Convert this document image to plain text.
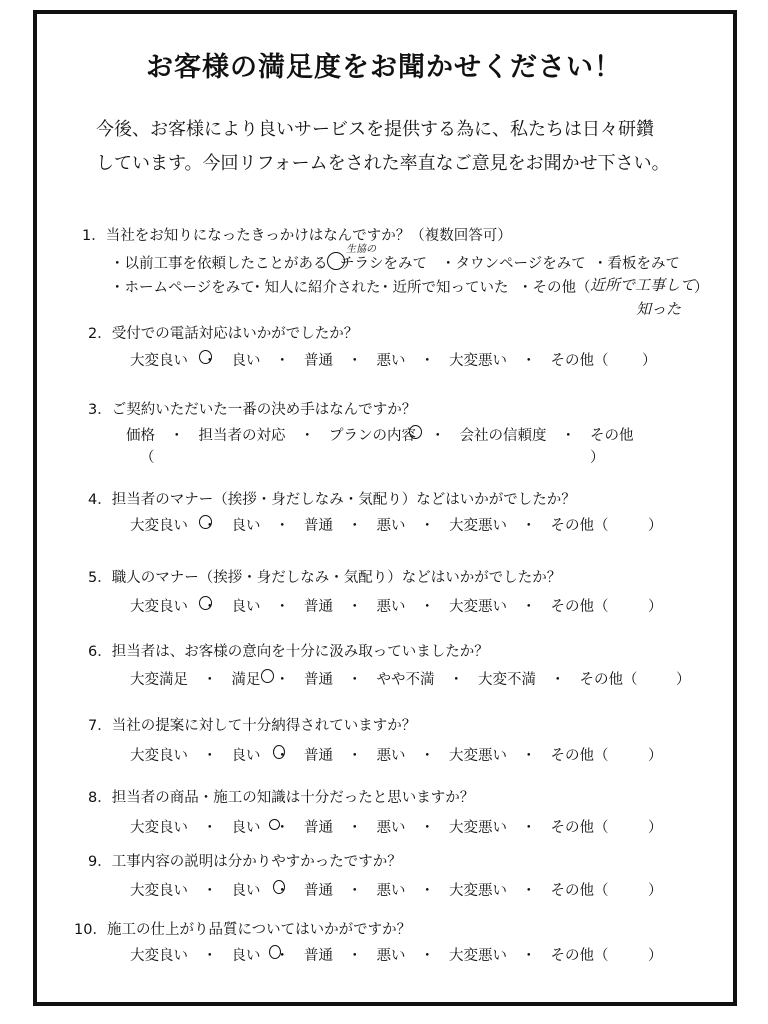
お客様の満足度をお聞かせください！
今後、お客様により良いサービスを提供する為に、私たちは日々研鑽
しています。今回リフォームをされた率直なご意見をお聞かせ下さい。
1．当社をお知りになったきっかけはなんですか？（複数回答可）
・以前工事を依頼したことがある チラシをみて
生協の
・タウンページをみて ・看板をみて
・ホームページをみて
・知人に紹介された
・近所で知っていた ・その他（ 近所で工事して
）
知った
2．受付での電話対応はいかがでしたか？
大変良い　・　良い　・　普通　・　悪い　・　大変悪い　・　その他（ ）
3．ご契約いただいた一番の決め手はなんですか？
価格　・　担当者の対応　・　プランの内容　・　会社の信頼度　・　その他
（	）
4．担当者のマナー（挨拶・身だしなみ・気配り）などはいかがでしたか？
大変良い　・　良い　・　普通　・　悪い　・　大変悪い　・　その他（	）
5．職人のマナー（挨拶・身だしなみ・気配り）などはいかがでしたか？
大変良い　・　良い　・　普通　・　悪い　・　大変悪い　・　その他（	）
6．担当者は、お客様の意向を十分に汲み取っていましたか？
大変満足　・　満足　・　普通　・　やや不満　・　大変不満　・　その他（	）
7．当社の提案に対して十分納得されていますか？
大変良い　・　良い　・　普通　・　悪い　・　大変悪い　・　その他（	）
8．担当者の商品・施工の知識は十分だったと思いますか？
大変良い　・　良い　・　普通　・　悪い　・　大変悪い　・　その他（	）
9．工事内容の説明は分かりやすかったですか？
大変良い　・　良い　・　普通　・　悪い　・　大変悪い　・　その他（	）
10．施工の仕上がり品質についてはいかがですか？
大変良い　・　良い　・　普通　・　悪い　・　大変悪い　・　その他（	）
